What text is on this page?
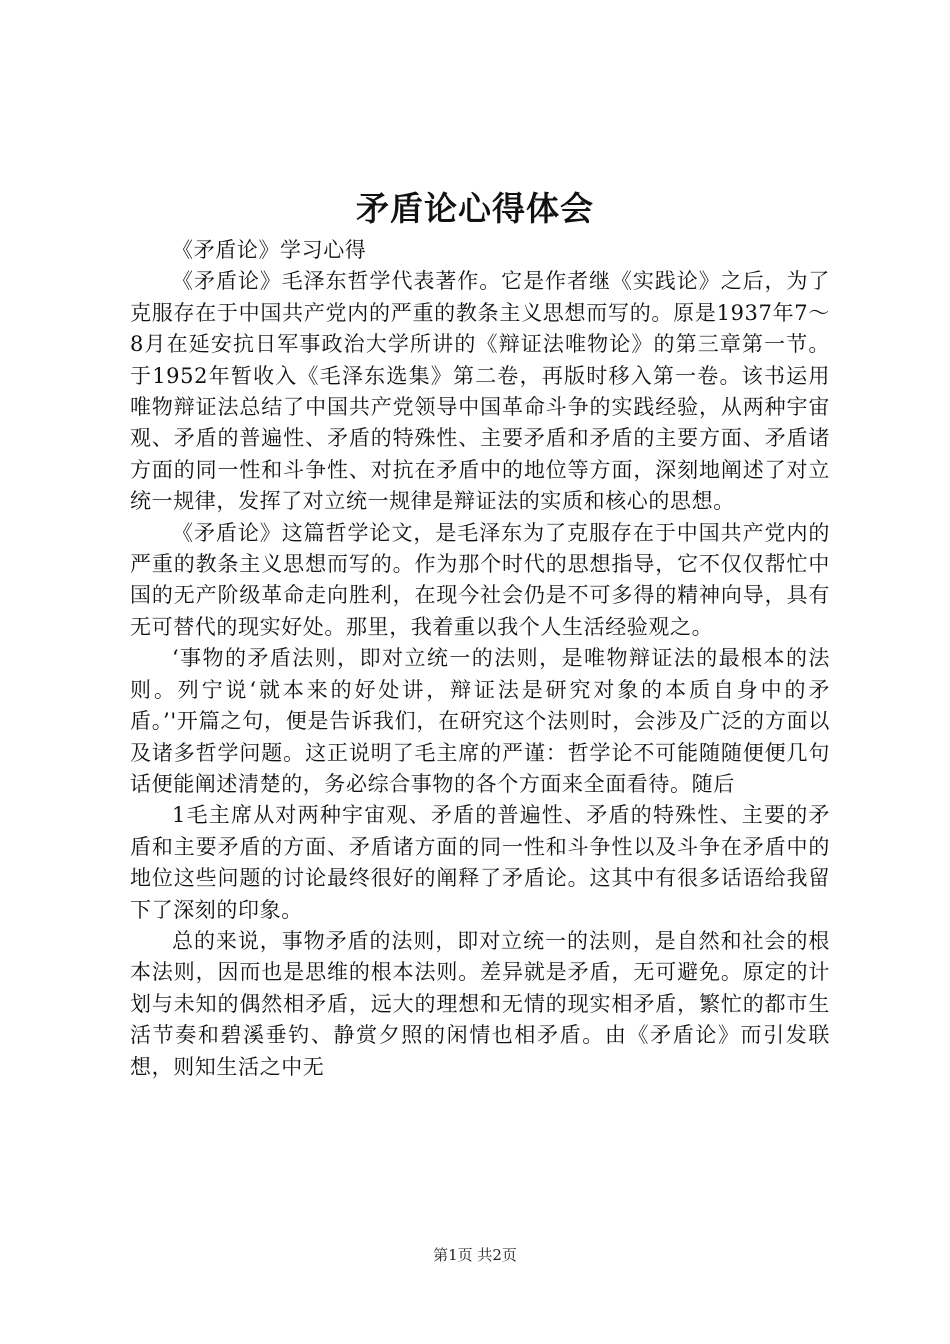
矛盾论心得体会

《矛盾论》学习心得

《矛盾论》毛泽东哲学代表著作。它是作者继《实践论》之后，为了克服存在于中国共产党内的严重的教条主义思想而写的。原是1937年7～8月在延安抗日军事政治大学所讲的《辩证法唯物论》的第三章第一节。于1952年暂收入《毛泽东选集》第二卷，再版时移入第一卷。该书运用唯物辩证法总结了中国共产党领导中国革命斗争的实践经验，从两种宇宙观、矛盾的普遍性、矛盾的特殊性、主要矛盾和矛盾的主要方面、矛盾诸方面的同一性和斗争性、对抗在矛盾中的地位等方面，深刻地阐述了对立统一规律，发挥了对立统一规律是辩证法的实质和核心的思想。

《矛盾论》这篇哲学论文，是毛泽东为了克服存在于中国共产党内的严重的教条主义思想而写的。作为那个时代的思想指导，它不仅仅帮忙中国的无产阶级革命走向胜利，在现今社会仍是不可多得的精神向导，具有无可替代的现实好处。那里，我着重以我个人生活经验观之。

‘事物的矛盾法则，即对立统一的法则，是唯物辩证法的最根本的法则。列宁说‘就本来的好处讲，辩证法是研究对象的本质自身中的矛盾。’'开篇之句，便是告诉我们，在研究这个法则时，会涉及广泛的方面以及诸多哲学问题。这正说明了毛主席的严谨：哲学论不可能随随便便几句话便能阐述清楚的，务必综合事物的各个方面来全面看待。随后

1毛主席从对两种宇宙观、矛盾的普遍性、矛盾的特殊性、主要的矛盾和主要矛盾的方面、矛盾诸方面的同一性和斗争性以及斗争在矛盾中的地位这些问题的讨论最终很好的阐释了矛盾论。这其中有很多话语给我留下了深刻的印象。

总的来说，事物矛盾的法则，即对立统一的法则，是自然和社会的根本法则，因而也是思维的根本法则。差异就是矛盾，无可避免。原定的计划与未知的偶然相矛盾，远大的理想和无情的现实相矛盾，繁忙的都市生活节奏和碧溪垂钓、静赏夕照的闲情也相矛盾。由《矛盾论》而引发联想，则知生活之中无

第1页 共2页
